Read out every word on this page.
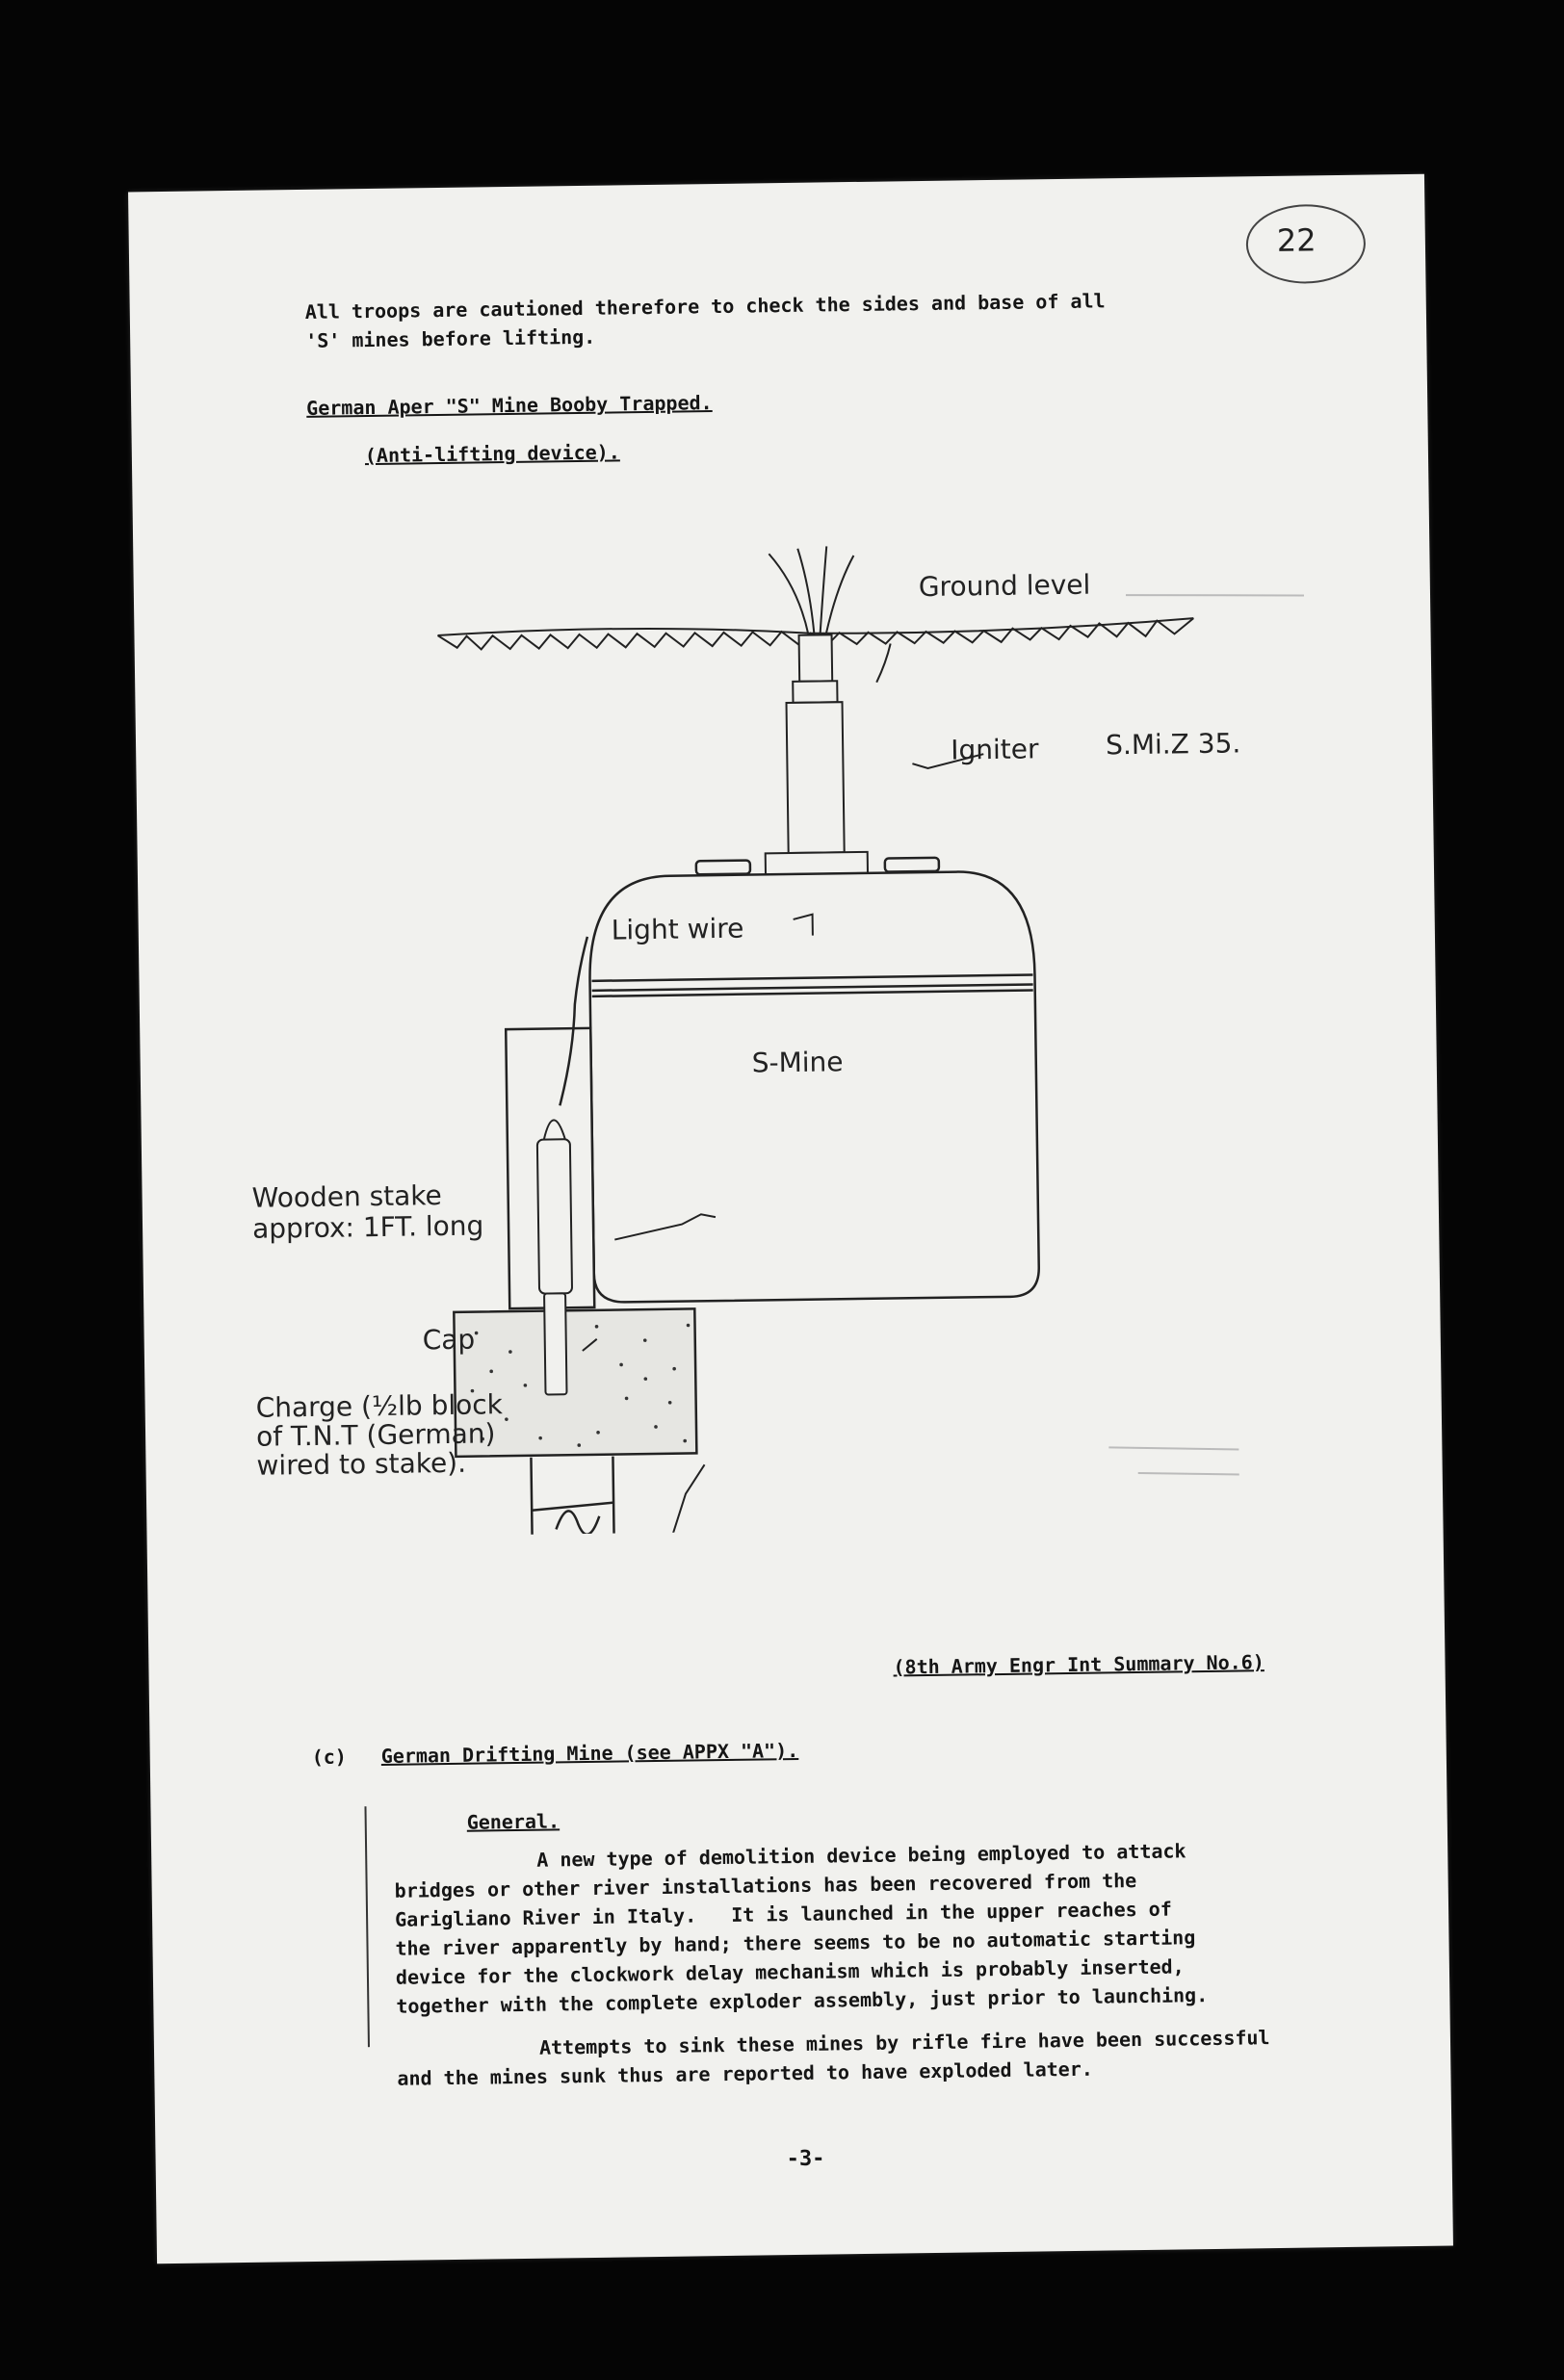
22
All troops are cautioned therefore to check the sides and base of all
'S' mines before lifting.
German Aper "S" Mine Booby Trapped.
(Anti-lifting device).
Ground level
Igniter S.Mi.Z 35.
Light wire
S-Mine
Wooden stake
approx: 1FT. long
Cap
Charge (½lb block
of T.N.T (German)
wired to stake).
(8th Army Engr Int Summary No.6)
(c) German Drifting Mine (see APPX "A").
General.
A new type of demolition device being employed to attack
bridges or other river installations has been recovered from the
Garigliano River in Italy.   It is launched in the upper reaches of
the river apparently by hand; there seems to be no automatic starting
device for the clockwork delay mechanism which is probably inserted,
together with the complete exploder assembly, just prior to launching.
Attempts to sink these mines by rifle fire have been successful
and the mines sunk thus are reported to have exploded later.
-3-
